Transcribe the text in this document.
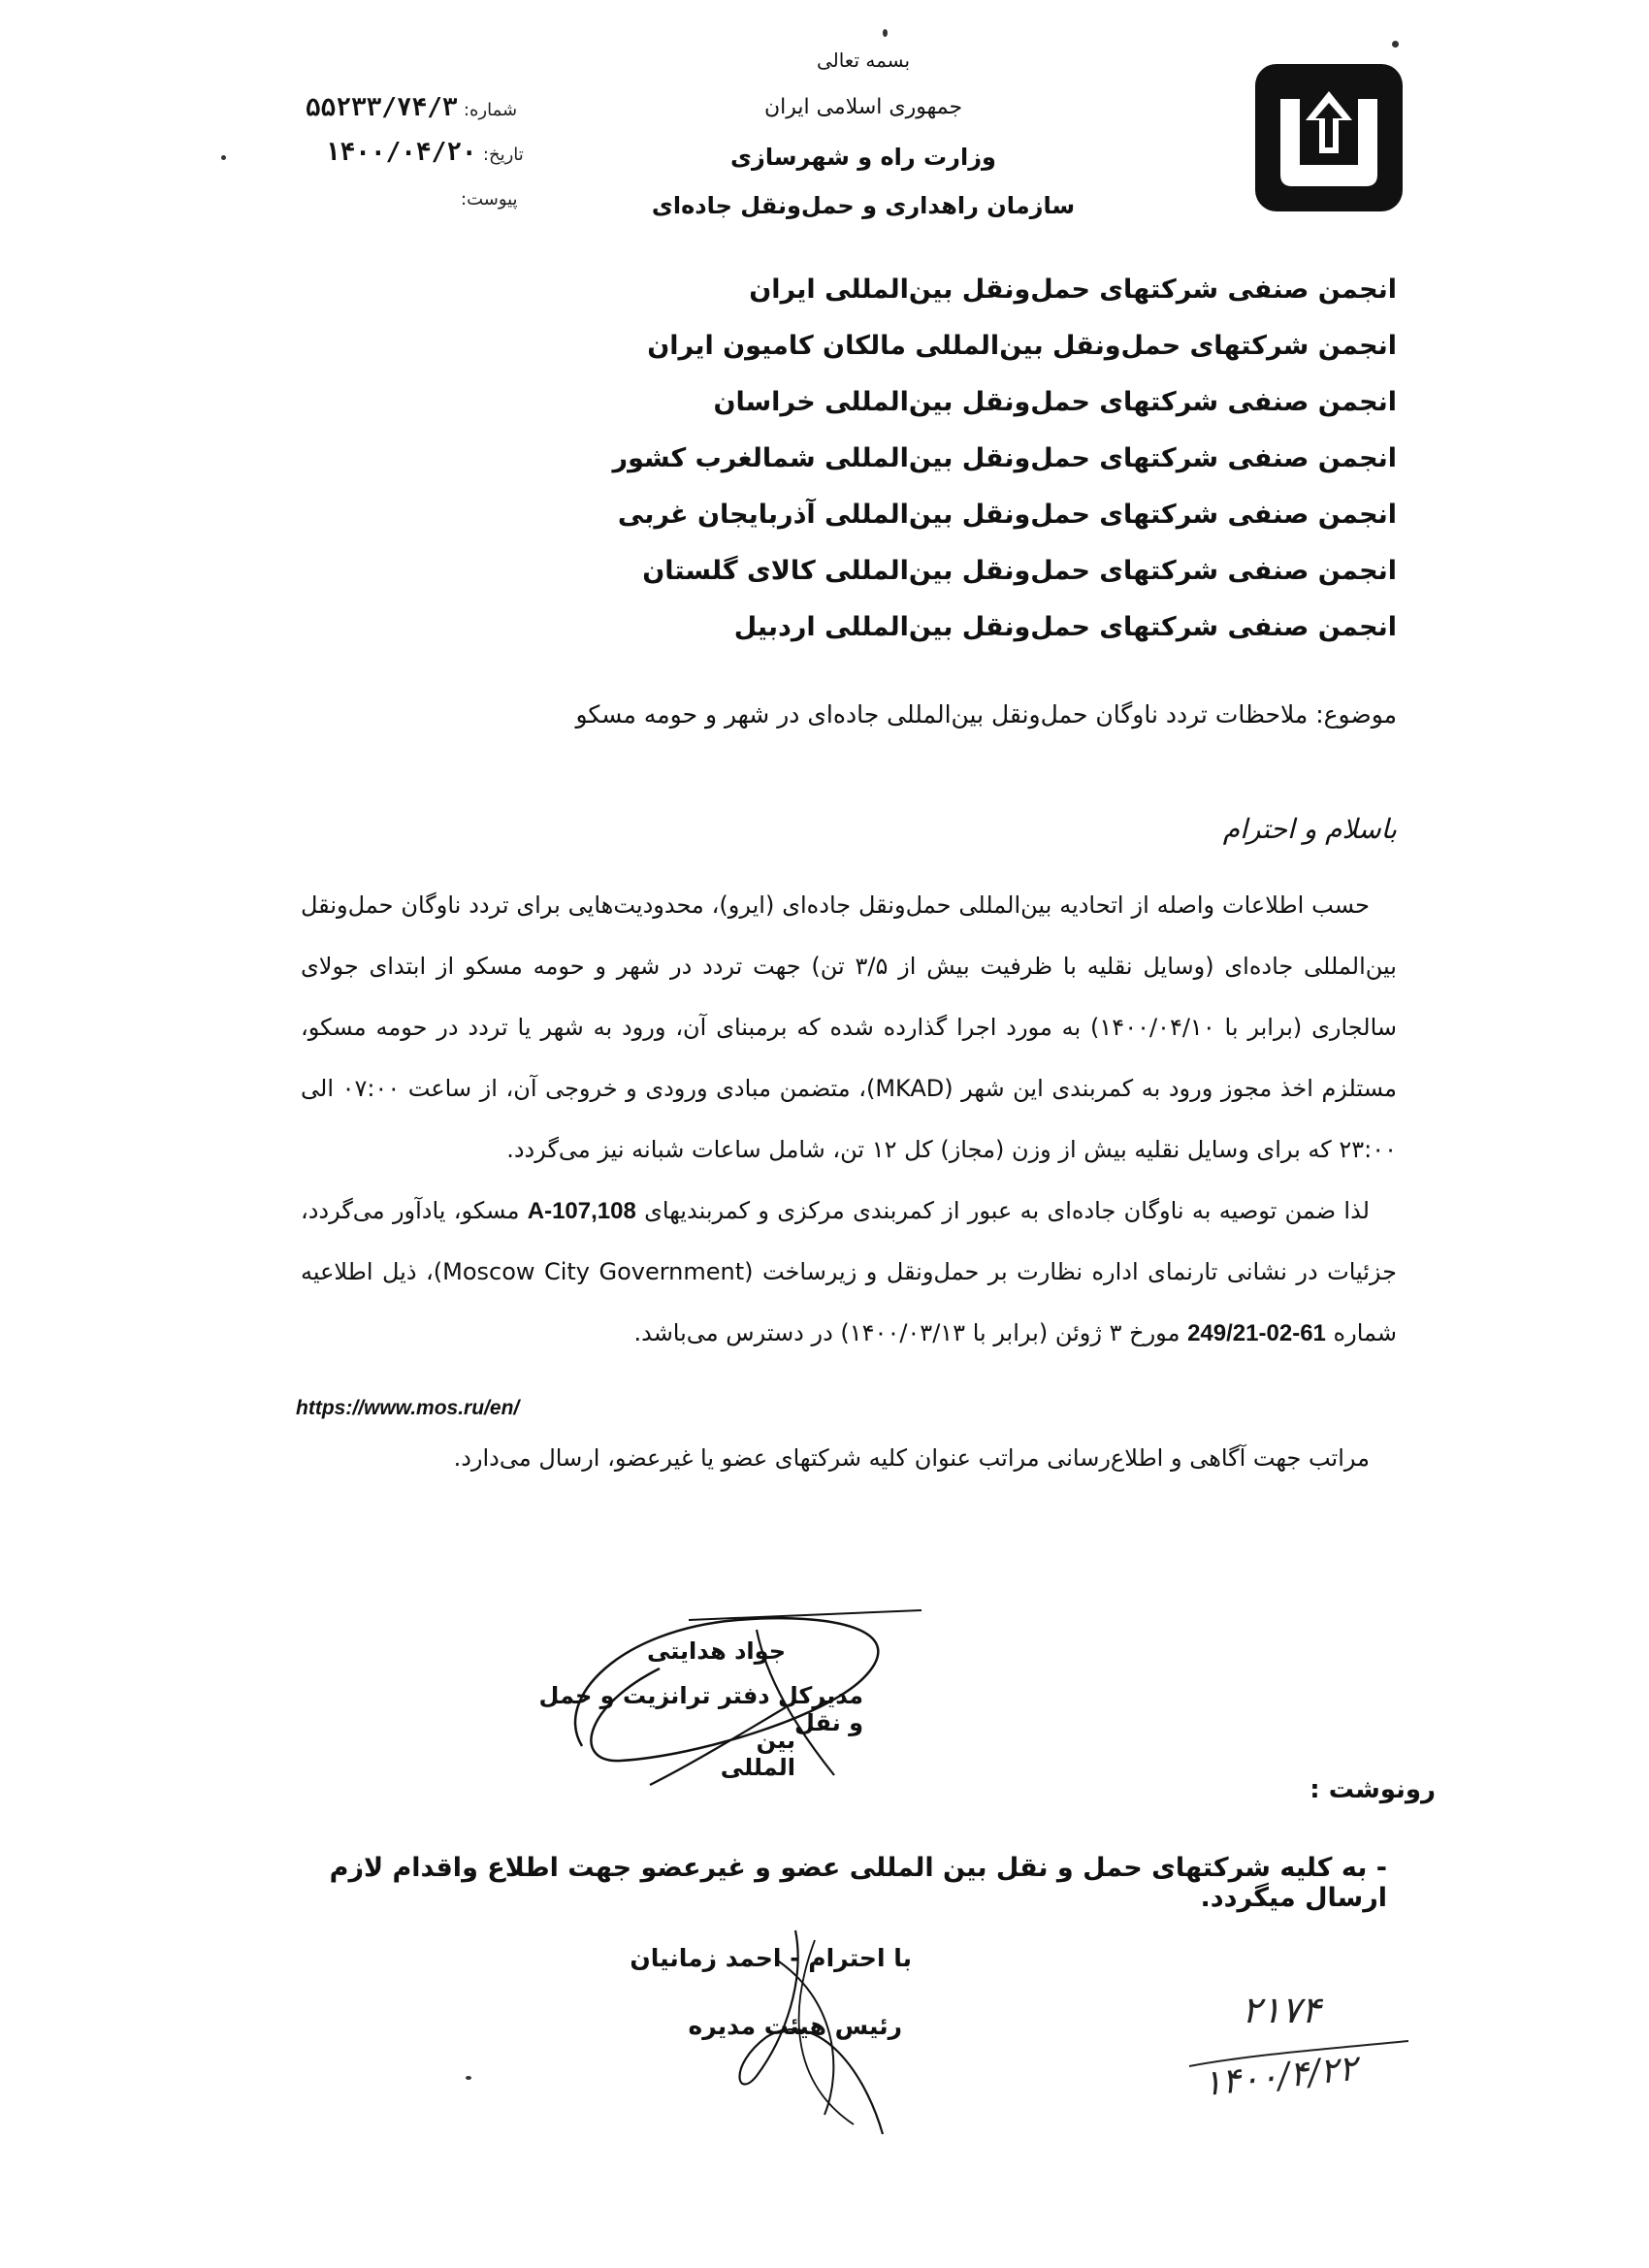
بسمه تعالی
جمهوری اسلامی ایران
وزارت راه و شهرسازی
سازمان راهداری و حمل‌ونقل جاده‌ای
شماره: ۵۵۲۳۳/۷۴/۳
تاریخ: ۱۴۰۰/۰۴/۲۰
پیوست:
انجمن صنفی شرکتهای حمل‌ونقل بین‌المللی ایران
انجمن شرکتهای حمل‌ونقل بین‌المللی مالکان کامیون ایران
انجمن صنفی شرکتهای حمل‌ونقل بین‌المللی خراسان
انجمن صنفی شرکتهای حمل‌ونقل بین‌المللی شمالغرب کشور
انجمن صنفی شرکتهای حمل‌ونقل بین‌المللی آذربایجان غربی
انجمن صنفی شرکتهای حمل‌ونقل بین‌المللی کالای گلستان
انجمن صنفی شرکتهای حمل‌ونقل بین‌المللی اردبیل
موضوع: ملاحظات تردد ناوگان حمل‌ونقل بین‌المللی جاده‌ای در شهر و حومه مسکو
باسلام و احترام

حسب اطلاعات واصله از اتحادیه بین‌المللی حمل‌ونقل جاده‌ای (ایرو)، محدودیت‌هایی برای تردد ناوگان حمل‌ونقل بین‌المللی جاده‌ای (وسایل نقلیه با ظرفیت بیش از ۳/۵ تن) جهت تردد در شهر و حومه مسکو از ابتدای جولای سالجاری (برابر با ۱۴۰۰/۰۴/۱۰) به مورد اجرا گذارده شده که برمبنای آن، ورود به شهر یا تردد در حومه مسکو، مستلزم اخذ مجوز ورود به کمربندی این شهر (MKAD)، متضمن مبادی ورودی و خروجی آن، از ساعت ۰۷:۰۰ الی ۲۳:۰۰ که برای وسایل نقلیه بیش از وزن (مجاز) کل ۱۲ تن، شامل ساعات شبانه نیز می‌گردد.

لذا ضمن توصیه به ناوگان جاده‌ای به عبور از کمربندی مرکزی و کمربندیهای A-107,108 مسکو، یادآور می‌گردد، جزئیات در نشانی تارنمای اداره نظارت بر حمل‌ونقل و زیرساخت (Moscow City Government)، ذیل اطلاعیه شماره 61-02-249/21 مورخ ۳ ژوئن (برابر با ۱۴۰۰/۰۳/۱۳) در دسترس می‌باشد.

https://www.mos.ru/en/
مراتب جهت آگاهی و اطلاع‌رسانی مراتب عنوان کلیه شرکتهای عضو یا غیرعضو، ارسال می‌دارد.
جواد هدایتی
مدیرکل دفتر ترانزیت و حمل و نقل
بین المللی
رونوشت :
- به کلیه شرکتهای حمل و نقل بین المللی عضو و غیرعضو جهت اطلاع واقدام لازم ارسال میگردد.
با احترام - احمد زمانیان
رئیس هیئت مدیره	۲۱۷۴
۱۴۰۰/۴/۲۲
